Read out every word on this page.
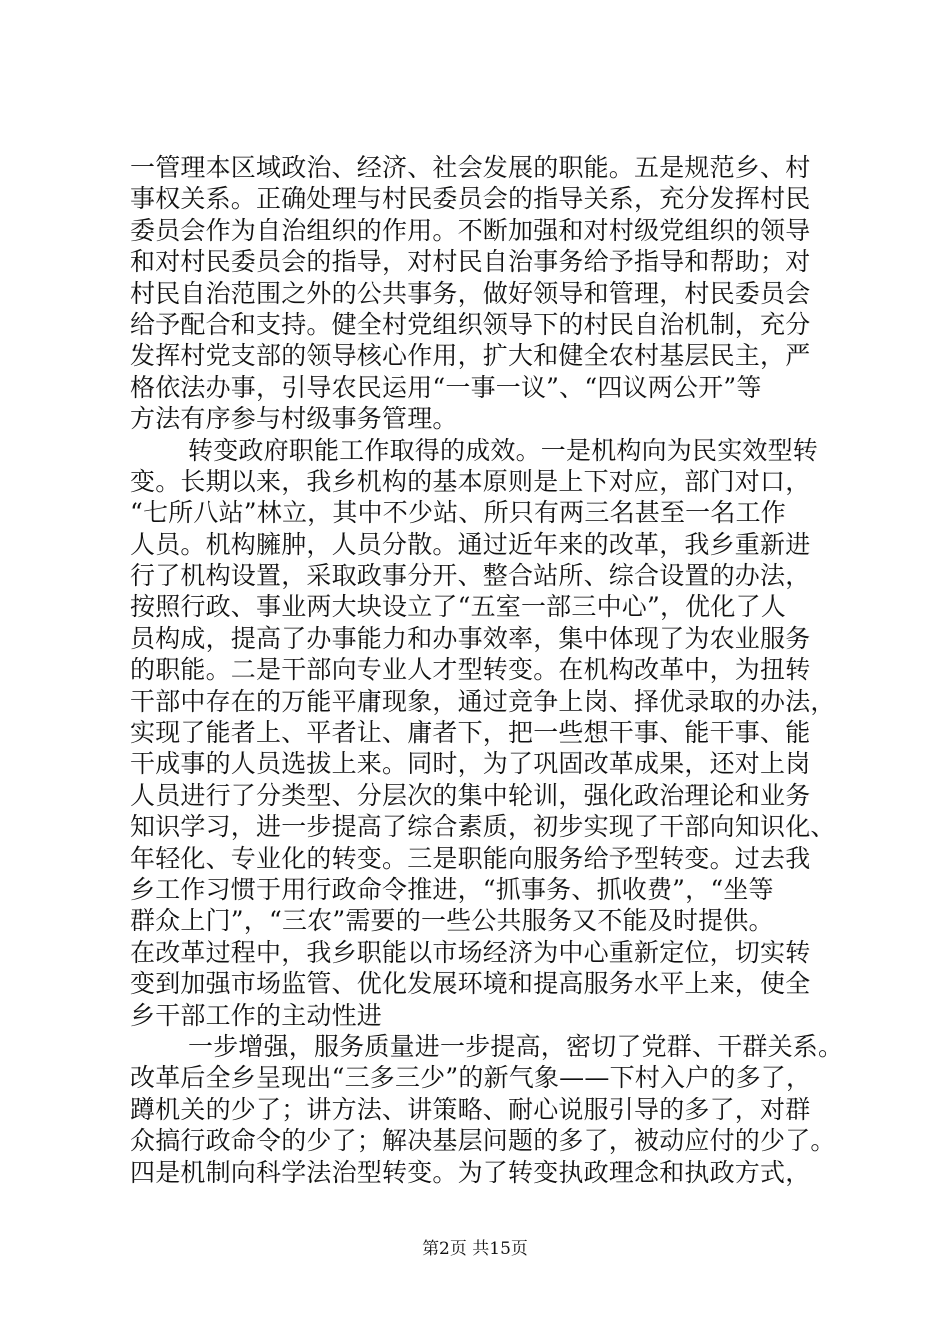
一管理本区域政治、经济、社会发展的职能。五是规范乡、村
事权关系。正确处理与村民委员会的指导关系，充分发挥村民
委员会作为自治组织的作用。不断加强和对村级党组织的领导
和对村民委员会的指导，对村民自治事务给予指导和帮助；对
村民自治范围之外的公共事务，做好领导和管理，村民委员会
给予配合和支持。健全村党组织领导下的村民自治机制，充分
发挥村党支部的领导核心作用，扩大和健全农村基层民主，严
格依法办事，引导农民运用“一事一议”、“四议两公开”等
方法有序参与村级事务管理。
转变政府职能工作取得的成效。一是机构向为民实效型转
变。长期以来，我乡机构的基本原则是上下对应，部门对口，
“七所八站”林立，其中不少站、所只有两三名甚至一名工作
人员。机构臃肿，人员分散。通过近年来的改革，我乡重新进
行了机构设置，采取政事分开、整合站所、综合设置的办法，
按照行政、事业两大块设立了“五室一部三中心”，优化了人
员构成，提高了办事能力和办事效率，集中体现了为农业服务
的职能。二是干部向专业人才型转变。在机构改革中，为扭转
干部中存在的万能平庸现象，通过竞争上岗、择优录取的办法，
实现了能者上、平者让、庸者下，把一些想干事、能干事、能
干成事的人员选拔上来。同时，为了巩固改革成果，还对上岗
人员进行了分类型、分层次的集中轮训，强化政治理论和业务
知识学习，进一步提高了综合素质，初步实现了干部向知识化、
年轻化、专业化的转变。三是职能向服务给予型转变。过去我
乡工作习惯于用行政命令推进，“抓事务、抓收费”，“坐等
群众上门”，“三农”需要的一些公共服务又不能及时提供。
在改革过程中，我乡职能以市场经济为中心重新定位，切实转
变到加强市场监管、优化发展环境和提高服务水平上来，使全
乡干部工作的主动性进
一步增强，服务质量进一步提高，密切了党群、干群关系。
改革后全乡呈现出“三多三少”的新气象——下村入户的多了，
蹲机关的少了；讲方法、讲策略、耐心说服引导的多了，对群
众搞行政命令的少了；解决基层问题的多了，被动应付的少了。
四是机制向科学法治型转变。为了转变执政理念和执政方式，
第2页 共15页
